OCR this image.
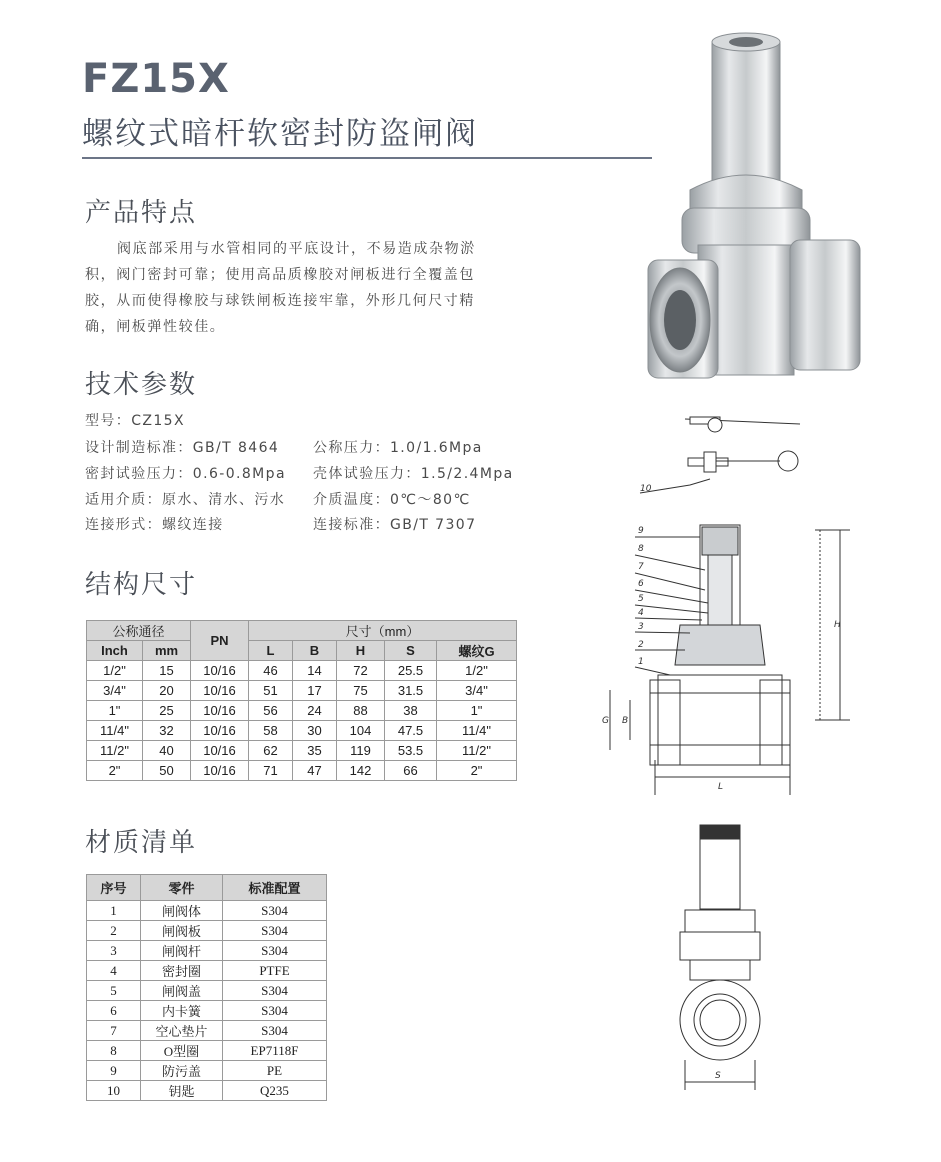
FZ15X
螺纹式暗杆软密封防盗闸阀
产品特点
阀底部采用与水管相同的平底设计，不易造成杂物淤积，阀门密封可靠；使用高品质橡胶对闸板进行全覆盖包胶，从而使得橡胶与球铁闸板连接牢靠，外形几何尺寸精确，闸板弹性较佳。
技术参数
型号：CZ15X
设计制造标准：GB/T 8464 公称压力：1.0/1.6Mpa
密封试验压力：0.6-0.8Mpa 壳体试验压力：1.5/2.4Mpa
适用介质：原水、清水、污水 介质温度：0℃～80℃
连接形式：螺纹连接	连接标准：GB/T 7307
结构尺寸
公称通径		PN	尺寸（mm）				
Inch	mm		L	B	H	S	螺纹G
1/2"	15	10/16	46	14	72	25.5	1/2"
3/4"	20	10/16	51	17	75	31.5	3/4"
1"	25	10/16	56	24	88	38	1"
11/4"	32	10/16	58	30	104	47.5	11/4"
11/2"	40	10/16	62	35	119	53.5	11/2"
2"	50	10/16	71	47	142	66	2"
材质清单
序号	零件	标准配置
1	闸阀体	S304
2	闸阀板	S304
3	闸阀杆	S304
4	密封圈	PTFE
5	闸阀盖	S304
6	内卡簧	S304
7	空心垫片	S304
8	O型圈	EP7118F
9	防污盖	PE
10	钥匙	Q235
10
9
8
7
6
5
4
3
2
1
H
G B
L
S
